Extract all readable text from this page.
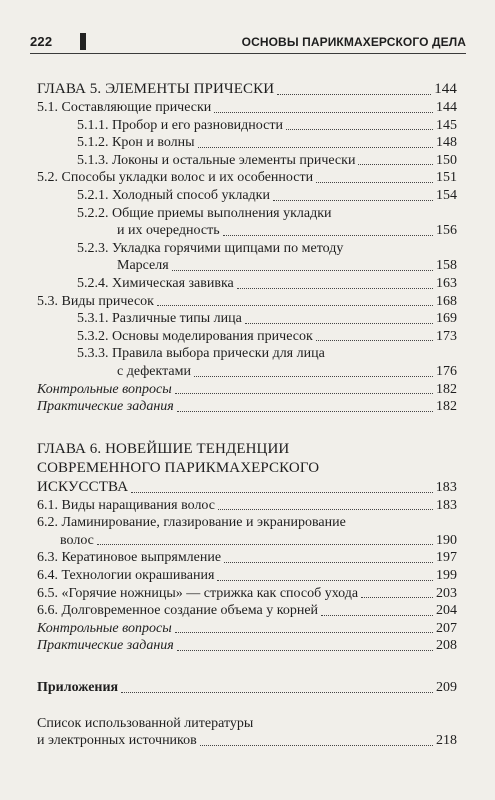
222	ОСНОВЫ ПАРИКМАХЕРСКОГО ДЕЛА
ГЛАВА 5. ЭЛЕМЕНТЫ ПРИЧЕСКИ	144
5.1. Составляющие прически	144
5.1.1. Пробор и его разновидности	145
5.1.2. Крон и волны	148
5.1.3. Локоны и остальные элементы прически	150
5.2. Способы укладки волос и их особенности	151
5.2.1. Холодный способ укладки	154
5.2.2. Общие приемы выполнения укладки
и их очередность	156
5.2.3. Укладка горячими щипцами по методу
Марселя	158
5.2.4. Химическая завивка	163
5.3. Виды причесок	168
5.3.1. Различные типы лица	169
5.3.2. Основы моделирования причесок	173
5.3.3. Правила выбора прически для лица
с дефектами	176
Контрольные вопросы	182
Практические задания	182
ГЛАВА 6. НОВЕЙШИЕ ТЕНДЕНЦИИ
СОВРЕМЕННОГО ПАРИКМАХЕРСКОГО
ИСКУССТВА	183
6.1. Виды наращивания волос	183
6.2. Ламинирование, глазирование и экранирование
волос	190
6.3. Кератиновое выпрямление	197
6.4. Технологии окрашивания	199
6.5. «Горячие ножницы» — стрижка как способ ухода	203
6.6. Долговременное создание объема у корней	204
Контрольные вопросы	207
Практические задания	208
Приложения	209
Список использованной литературы
и электронных источников	218
